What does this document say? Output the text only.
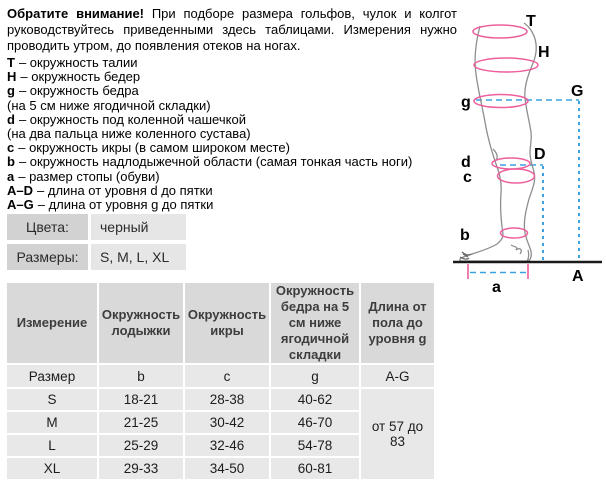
Обратите внимание! При подборе размера гольфов, чулок и колгот
руководствуйтесь приведенными здесь таблицами. Измерения нужно
проводить утром, до появления отеков на ногах.
T – окружность талии
H – окружность бедер
g – окружность бедра
(на 5 см ниже ягодичной складки)
d – окружность под коленной чашечкой
(на два пальца ниже коленного сустава)
c – окружность икры (в самом широком месте)
b – окружность надлодыжечной области (самая тонкая часть ноги)
a – размер стопы (обуви)
A–D – длина от уровня d до пятки
A–G – длина от уровня g до пятки
Цвета:	черный
Размеры:	S, M, L, XL
Измерение	Окружность лодыжки	Окружность икры	Окружность бедра на 5 см ниже ягодичной складки	Длина от пола до уровня g
Размер	b	c	g	A-G
S	18-21	28-38	40-62	от 57 до 83
M	21-25	30-42	46-70	
L	25-29	32-46	54-78	
XL	29-33	34-50	60-81	
T
H
G
g
D
d
c
b
A
a
